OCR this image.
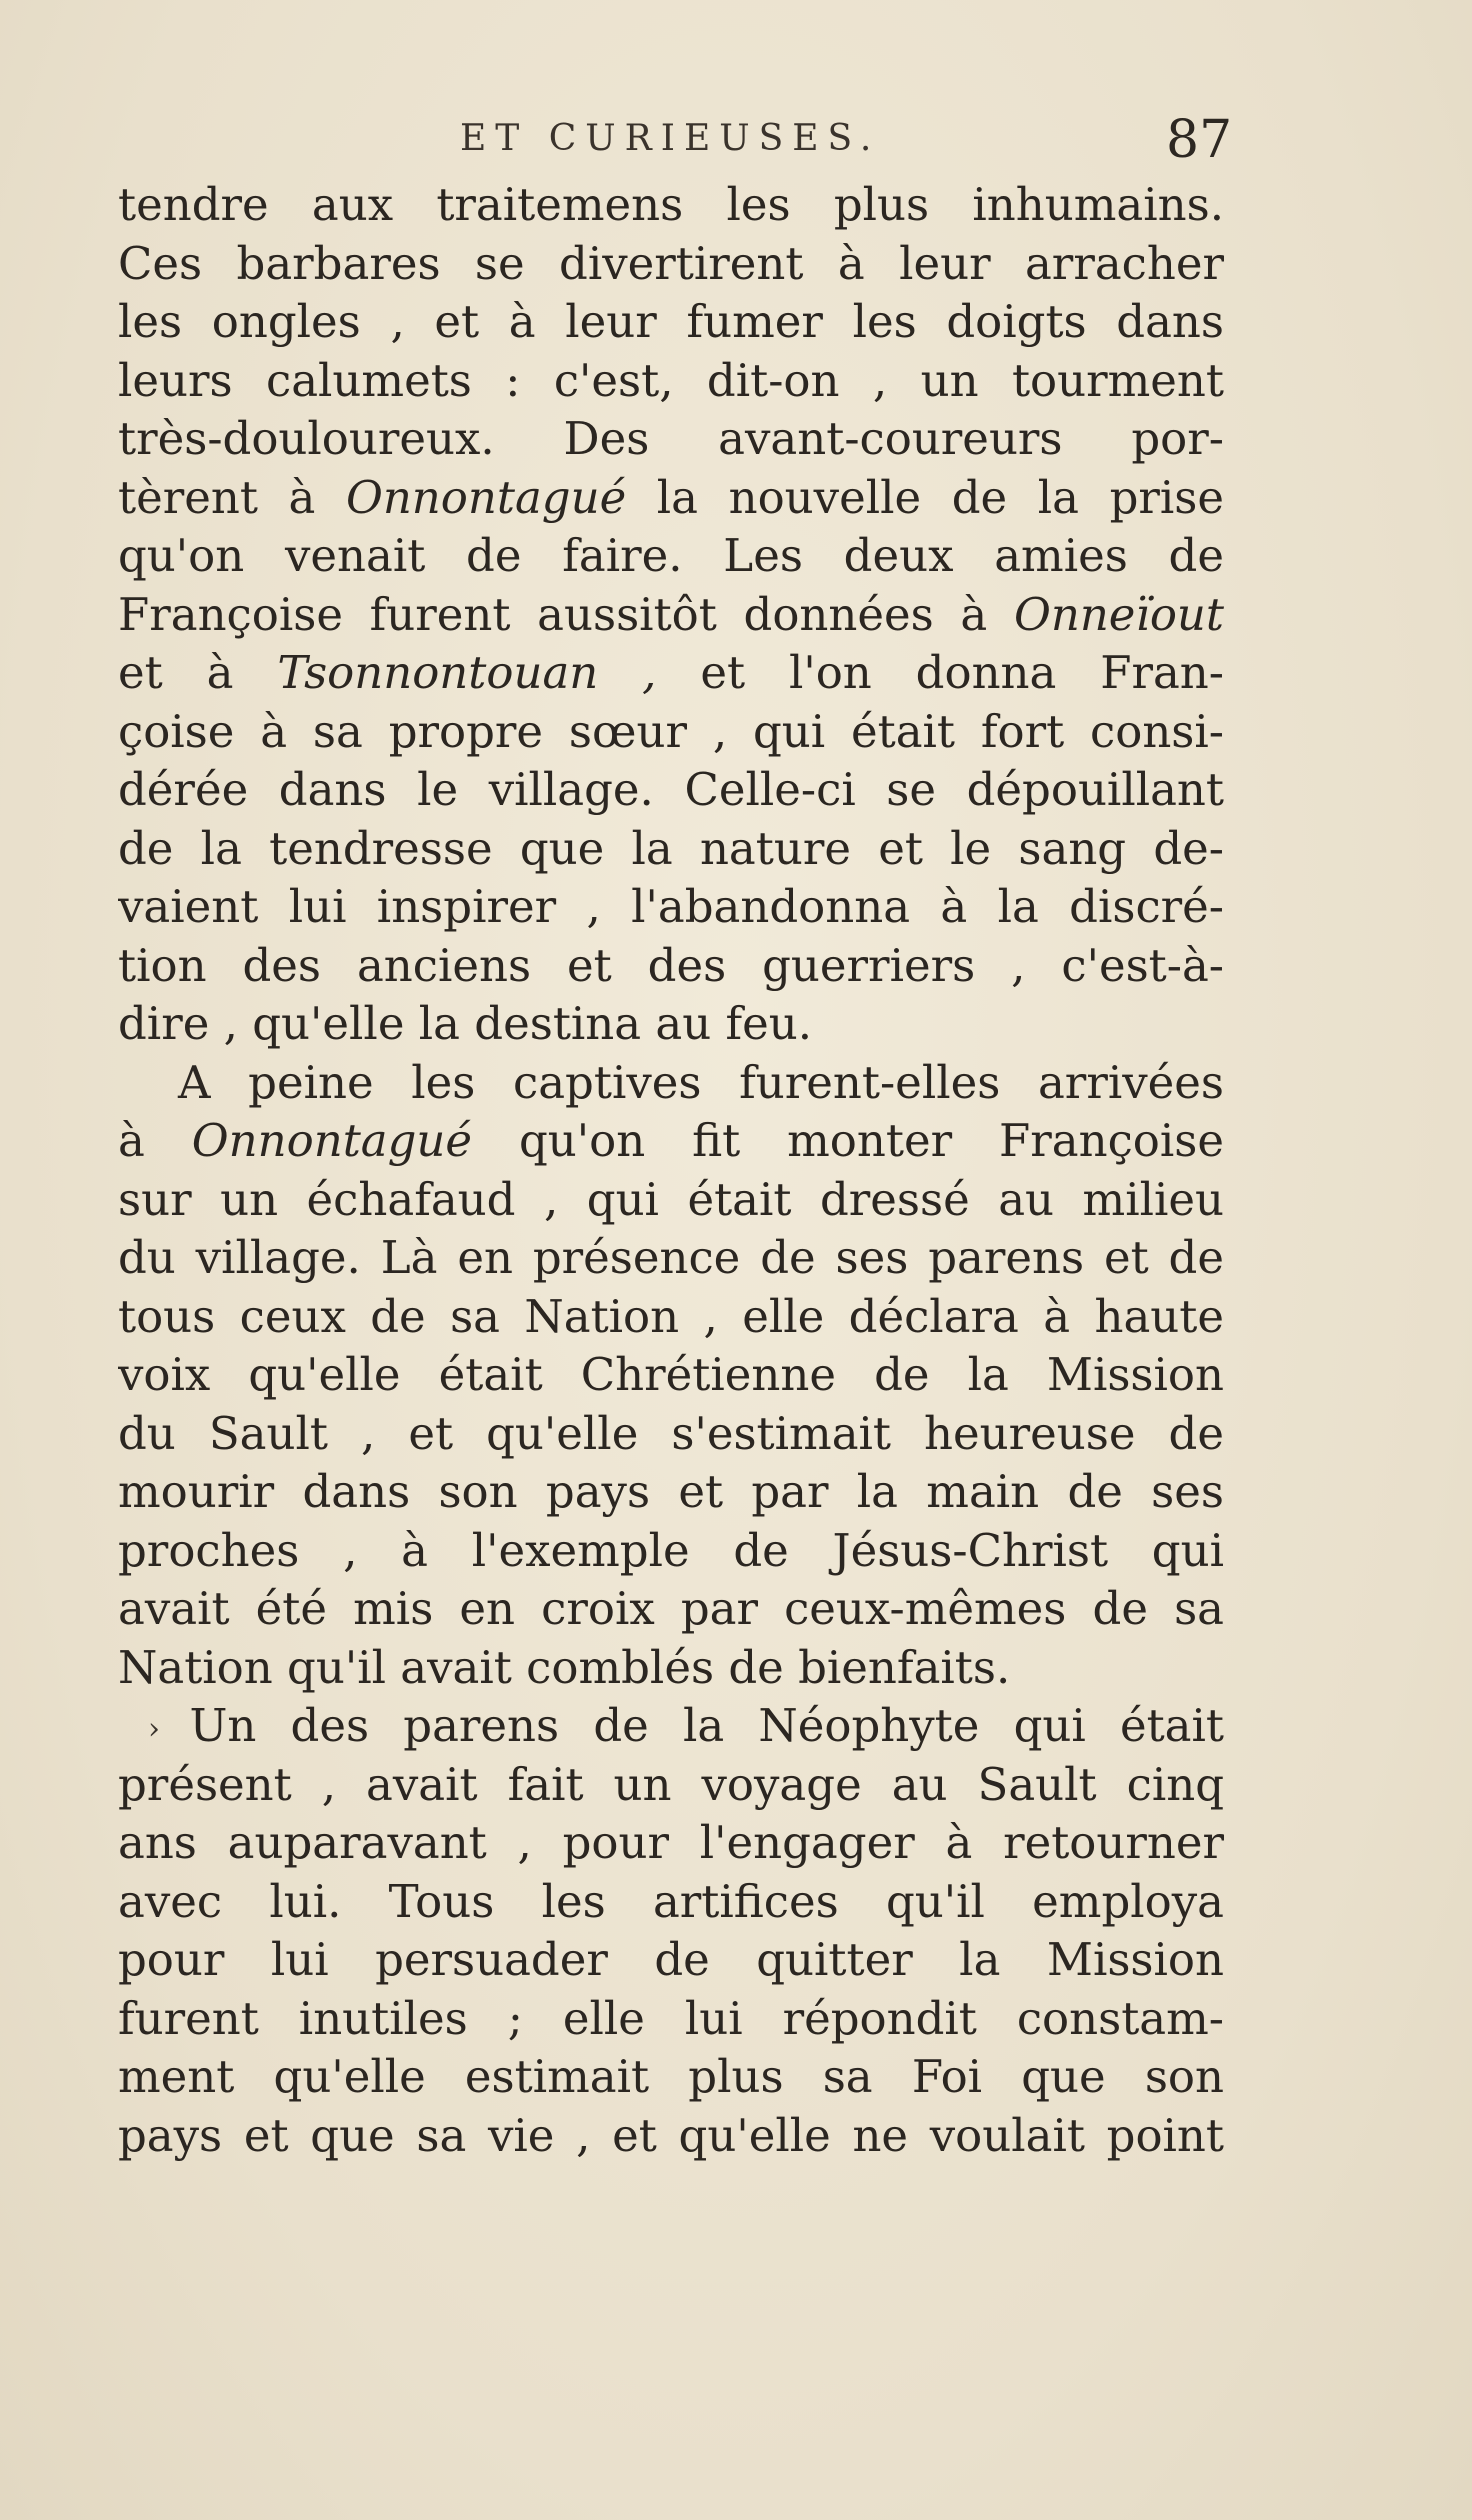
ET CURIEUSES.	87
tendre aux traitemens les plus inhumains.
Ces barbares se divertirent à leur arracher
les ongles , et à leur fumer les doigts dans
leurs calumets : c'est, dit-on , un tourment
très-douloureux. Des avant-coureurs por-
tèrent à Onnontagué la nouvelle de la prise
qu'on venait de faire. Les deux amies de
Françoise furent aussitôt données à Onneïout
et à Tsonnontouan , et l'on donna Fran-
çoise à sa propre sœur , qui était fort consi-
dérée dans le village. Celle-ci se dépouillant
de la tendresse que la nature et le sang de-
vaient lui inspirer , l'abandonna à la discré-
tion des anciens et des guerriers , c'est-à-
dire , qu'elle la destina au feu.
A peine les captives furent-elles arrivées
à Onnontagué qu'on fit monter Françoise
sur un échafaud , qui était dressé au milieu
du village. Là en présence de ses parens et de
tous ceux de sa Nation , elle déclara à haute
voix qu'elle était Chrétienne de la Mission
du Sault , et qu'elle s'estimait heureuse de
mourir dans son pays et par la main de ses
proches , à l'exemple de Jésus-Christ qui
avait été mis en croix par ceux-mêmes de sa
Nation qu'il avait comblés de bienfaits.
› Un des parens de la Néophyte qui était
présent , avait fait un voyage au Sault cinq
ans auparavant , pour l'engager à retourner
avec lui. Tous les artifices qu'il employa
pour lui persuader de quitter la Mission
furent inutiles ; elle lui répondit constam-
ment qu'elle estimait plus sa Foi que son
pays et que sa vie , et qu'elle ne voulait point
